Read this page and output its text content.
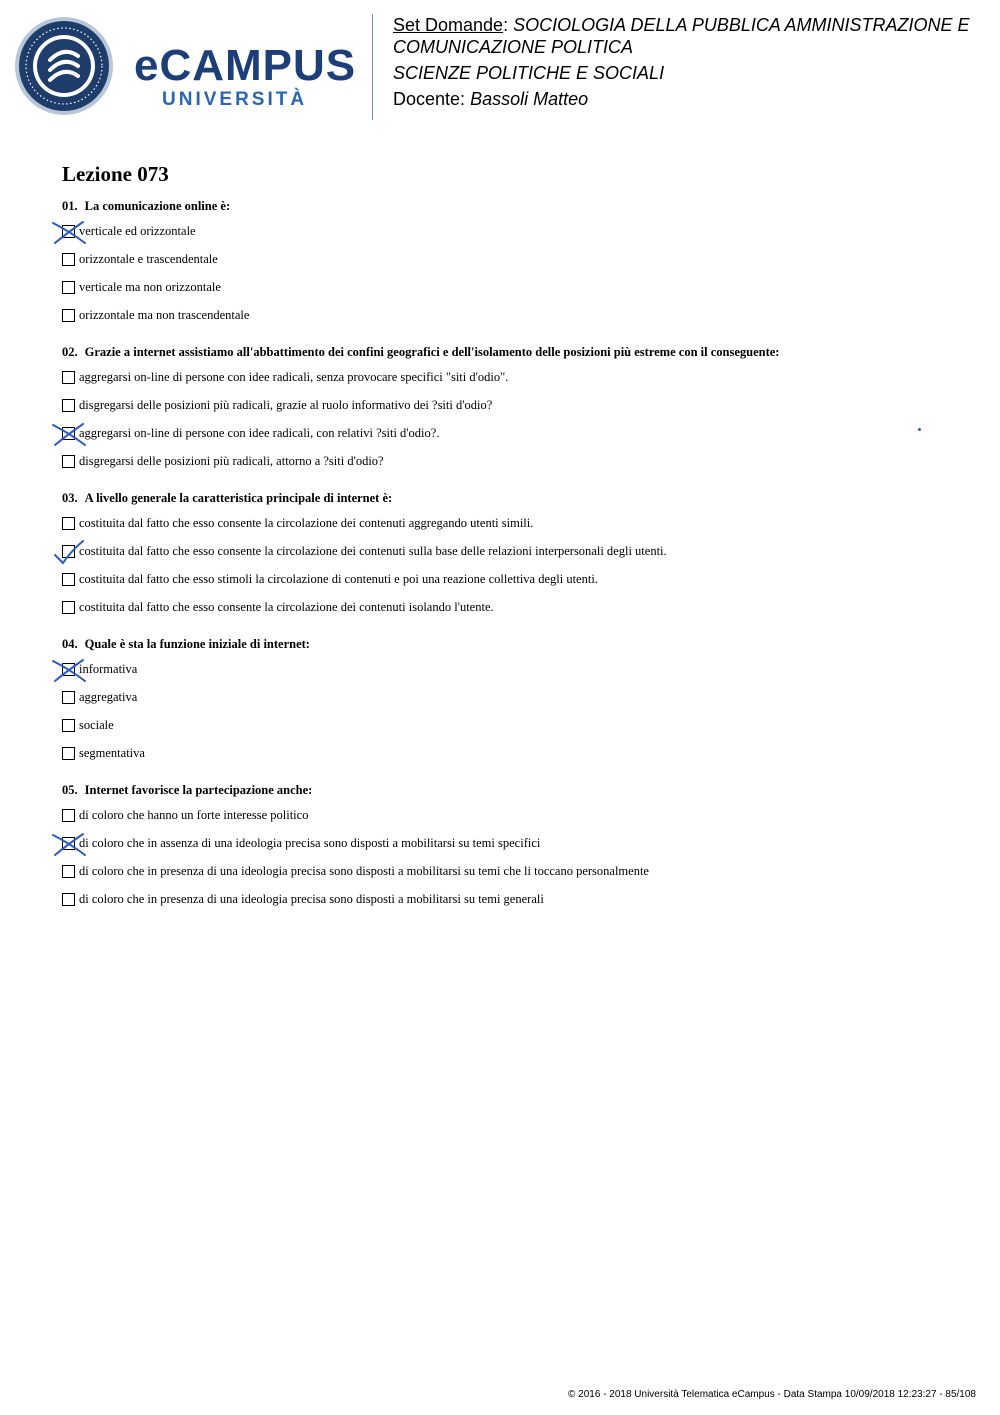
eCAMPUS
UNIVERSITÀ
Set Domande: SOCIOLOGIA DELLA PUBBLICA AMMINISTRAZIONE E
COMUNICAZIONE POLITICA
SCIENZE POLITICHE E SOCIALI
Docente: Bassoli Matteo
Lezione 073
01. La comunicazione online è:
verticale ed orizzontale
orizzontale e trascendentale
verticale ma non orizzontale
orizzontale ma non trascendentale
02. Grazie a internet assistiamo all'abbattimento dei confini geografici e dell'isolamento delle posizioni più estreme con il conseguente:
aggregarsi on-line di persone con idee radicali, senza provocare specifici "siti d'odio".
disgregarsi delle posizioni più radicali, grazie al ruolo informativo dei ?siti d'odio?
aggregarsi on-line di persone con idee radicali, con relativi ?siti d'odio?.
disgregarsi delle posizioni più radicali, attorno a ?siti d'odio?
03. A livello generale la caratteristica principale di internet è:
costituita dal fatto che esso consente la circolazione dei contenuti aggregando utenti simili.
costituita dal fatto che esso consente la circolazione dei contenuti sulla base delle relazioni interpersonali degli utenti.
costituita dal fatto che esso stimoli la circolazione di contenuti e poi una reazione collettiva degli utenti.
costituita dal fatto che esso consente la circolazione dei contenuti isolando l'utente.
04. Quale è sta la funzione iniziale di internet:
informativa
aggregativa
sociale
segmentativa
05. Internet favorisce la partecipazione anche:
di coloro che hanno un forte interesse politico
di coloro che in assenza di una ideologia precisa sono disposti a mobilitarsi su temi specifici
di coloro che in presenza di una ideologia precisa sono disposti a mobilitarsi su temi che li toccano personalmente
di coloro che in presenza di una ideologia precisa sono disposti a mobilitarsi su temi generali
© 2016 - 2018 Università Telematica eCampus - Data Stampa 10/09/2018 12:23:27 - 85/108
